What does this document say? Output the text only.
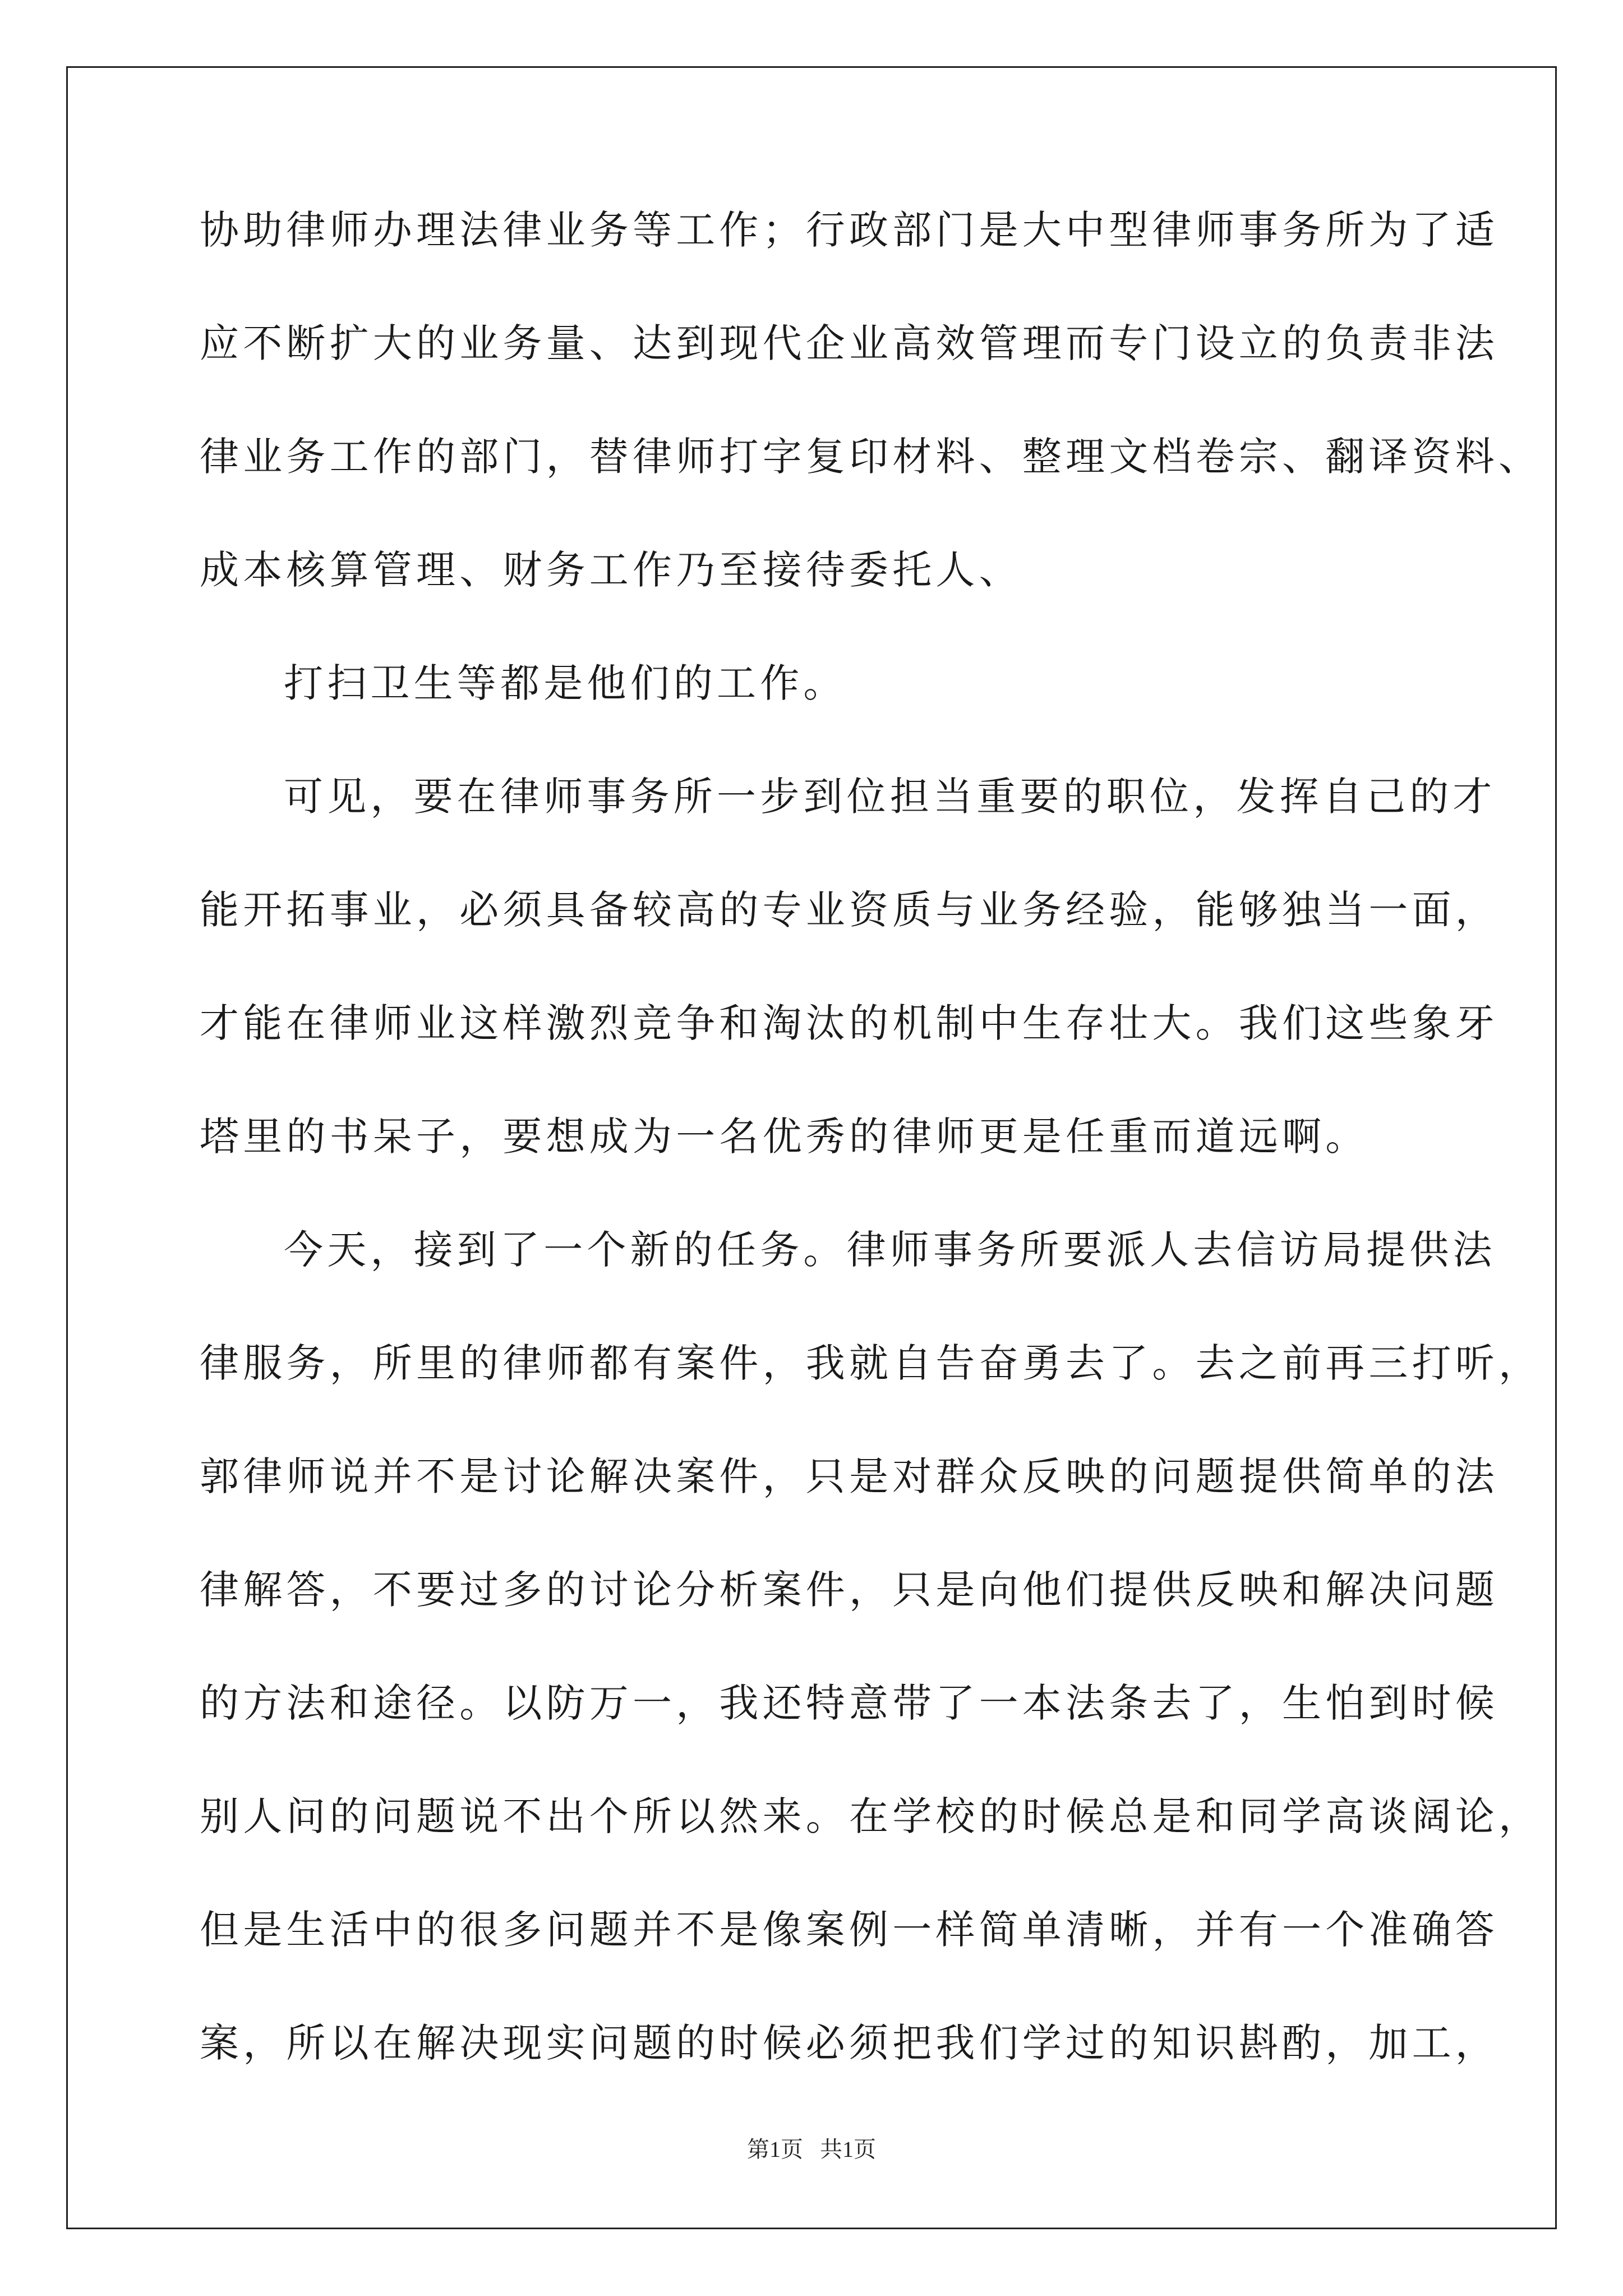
协助律师办理法律业务等工作；行政部门是大中型律师事务所为了适
应不断扩大的业务量、达到现代企业高效管理而专门设立的负责非法
律业务工作的部门，替律师打字复印材料、整理文档卷宗、翻译资料、
成本核算管理、财务工作乃至接待委托人、
打扫卫生等都是他们的工作。
可见，要在律师事务所一步到位担当重要的职位，发挥自己的才
能开拓事业，必须具备较高的专业资质与业务经验，能够独当一面，
才能在律师业这样激烈竞争和淘汰的机制中生存壮大。我们这些象牙
塔里的书呆子，要想成为一名优秀的律师更是任重而道远啊。
今天，接到了一个新的任务。律师事务所要派人去信访局提供法
律服务，所里的律师都有案件，我就自告奋勇去了。去之前再三打听，
郭律师说并不是讨论解决案件，只是对群众反映的问题提供简单的法
律解答，不要过多的讨论分析案件，只是向他们提供反映和解决问题
的方法和途径。以防万一，我还特意带了一本法条去了，生怕到时候
别人问的问题说不出个所以然来。在学校的时候总是和同学高谈阔论，
但是生活中的很多问题并不是像案例一样简单清晰，并有一个准确答
案，所以在解决现实问题的时候必须把我们学过的知识斟酌，加工，
第1页   共1页
